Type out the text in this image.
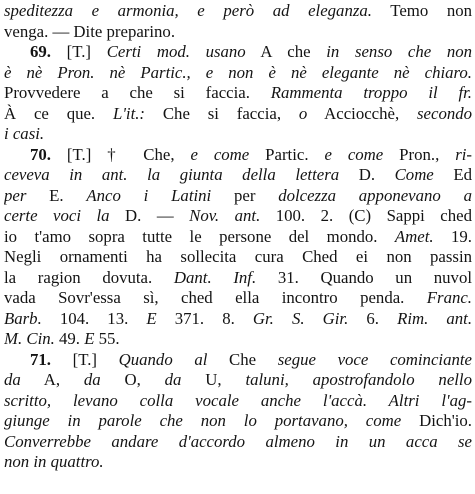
speditezza e armonia, e però ad eleganza. Temo non
venga. — Dite preparino.
69. [T.] Certi mod. usano A che in senso che non
è nè Pron. nè Partic., e non è nè elegante nè chiaro.
Provvedere a che si faccia. Rammenta troppo il fr.
À ce que. L'it.: Che si faccia, o Acciocchè, secondo
i casi.
70. [T.] † Che, e come Partic. e come Pron., ri-
ceveva in ant. la giunta della lettera D. Come Ed
per E. Anco i Latini per dolcezza apponevano a
certe voci la D. — Nov. ant. 100. 2. (C) Sappi ched
io t'amo sopra tutte le persone del mondo. Amet. 19.
Negli ornamenti ha sollecita cura Ched ei non passin
la ragion dovuta. Dant. Inf. 31. Quando un nuvol
vada Sovr'essa sì, ched ella incontro penda. Franc.
Barb. 104. 13. E 371. 8. Gr. S. Gir. 6. Rim. ant.
M. Cin. 49. E 55.
71. [T.] Quando al Che segue voce cominciante
da A, da O, da U, taluni, apostrofandolo nello
scritto, levano colla vocale anche l'accà. Altri l'ag-
giunge in parole che non lo portavano, come Dich'io.
Converrebbe andare d'accordo almeno in un acca se
non in quattro.
